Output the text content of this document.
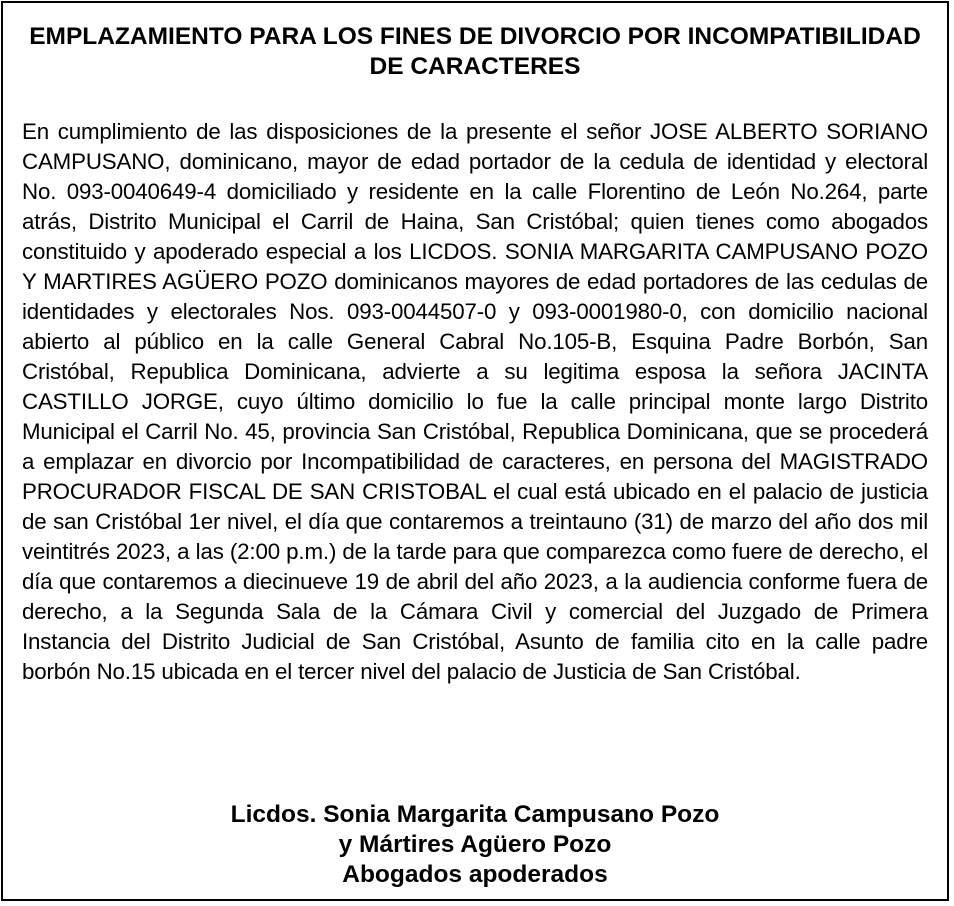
EMPLAZAMIENTO PARA LOS FINES DE DIVORCIO POR INCOMPATIBILIDAD DE CARACTERES

En cumplimiento de las disposiciones de la presente el señor JOSE ALBERTO SORIANO CAMPUSANO, dominicano, mayor de edad portador de la cedula de identidad y electoral No. 093-0040649-4 domiciliado y residente en la calle Florentino de León No.264, parte atrás, Distrito Municipal el Carril de Haina, San Cristóbal; quien tienes como abogados constituido y apoderado especial a los LICDOS. SONIA MARGARITA CAMPUSANO POZO Y MARTIRES AGÜERO POZO dominicanos mayores de edad portadores de las cedulas de identidades y electorales Nos. 093-0044507-0 y 093-0001980-0, con domicilio nacional abierto al público en la calle General Cabral No.105-B, Esquina Padre Borbón, San Cristóbal, Republica Dominicana, advierte a su legitima esposa la señora JACINTA CASTILLO JORGE, cuyo último domicilio lo fue la calle principal monte largo Distrito Municipal el Carril No. 45, provincia San Cristóbal, Republica Dominicana, que se procederá a emplazar en divorcio por Incompatibilidad de caracteres, en persona del MAGISTRADO PROCURADOR FISCAL DE SAN CRISTOBAL el cual está ubicado en el palacio de justicia de san Cristóbal 1er nivel, el día que contaremos a treintauno (31) de marzo del año dos mil veintitrés 2023, a las (2:00 p.m.) de la tarde para que comparezca como fuere de derecho, el día que contaremos a diecinueve 19 de abril del año 2023, a la audiencia conforme fuera de derecho, a la Segunda Sala de la Cámara Civil y comercial del Juzgado de Primera Instancia del Distrito Judicial de San Cristóbal, Asunto de familia cito en la calle padre borbón No.15 ubicada en el tercer nivel del palacio de Justicia de San Cristóbal.

Licdos. Sonia Margarita Campusano Pozo
y Mártires Agüero Pozo
Abogados apoderados
